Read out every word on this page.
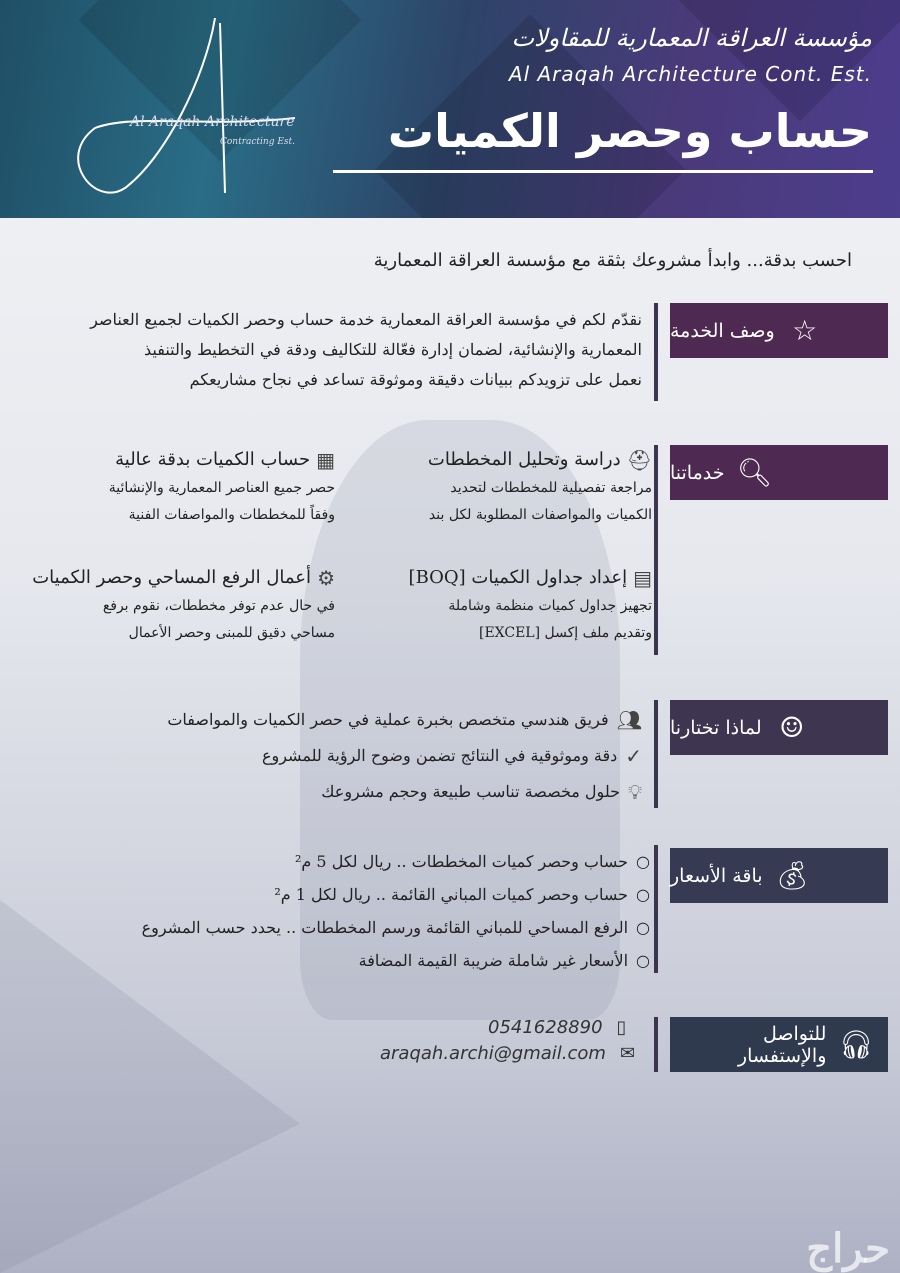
Al Araqah Architecture
Contracting Est.
مؤسسة العراقة المعمارية للمقاولات
Al Araqah Architecture Cont. Est.
حساب وحصر الكميات
احسب بدقة... وابدأ مشروعك بثقة مع مؤسسة العراقة المعمارية
☆
وصف الخدمة
نقدّم لكم في مؤسسة العراقة المعمارية خدمة حساب وحصر الكميات لجميع العناصر
المعمارية والإنشائية، لضمان إدارة فعّالة للتكاليف ودقة في التخطيط والتنفيذ
نعمل على تزويدكم ببيانات دقيقة وموثوقة تساعد في نجاح مشاريعكم
🔍︎
خدماتنا
⛑
دراسة وتحليل المخططات

مراجعة تفصيلية للمخططات لتحديد

الكميات والمواصفات المطلوبة لكل بند

▦
حساب الكميات بدقة عالية

حصر جميع العناصر المعمارية والإنشائية

وفقاً للمخططات والمواصفات الفنية

▤
إعداد جداول الكميات [BOQ]

تجهيز جداول كميات منظمة وشاملة

وتقديم ملف إكسل [EXCEL]

⚙
أعمال الرفع المساحي وحصر الكميات

في حال عدم توفر مخططات، نقوم برفع

مساحي دقيق للمبنى وحصر الأعمال

☺
لماذا تختارنا
👥︎
فريق هندسي متخصص بخبرة عملية في حصر الكميات والمواصفات
✓
دقة وموثوقية في النتائج تضمن وضوح الرؤية للمشروع
💡︎
حلول مخصصة تناسب طبيعة وحجم مشروعك
💰︎
باقة الأسعار
○
حساب وحصر كميات المخططات .. ريال لكل 5 م²
○
حساب وحصر كميات المباني القائمة .. ريال لكل 1 م²
○
الرفع المساحي للمباني القائمة ورسم المخططات .. يحدد حسب المشروع
○
الأسعار غير شاملة ضريبة القيمة المضافة
🎧︎
للتواصل والإستفسار
0541628890 ▯
araqah.archi@gmail.com ✉
حراج
